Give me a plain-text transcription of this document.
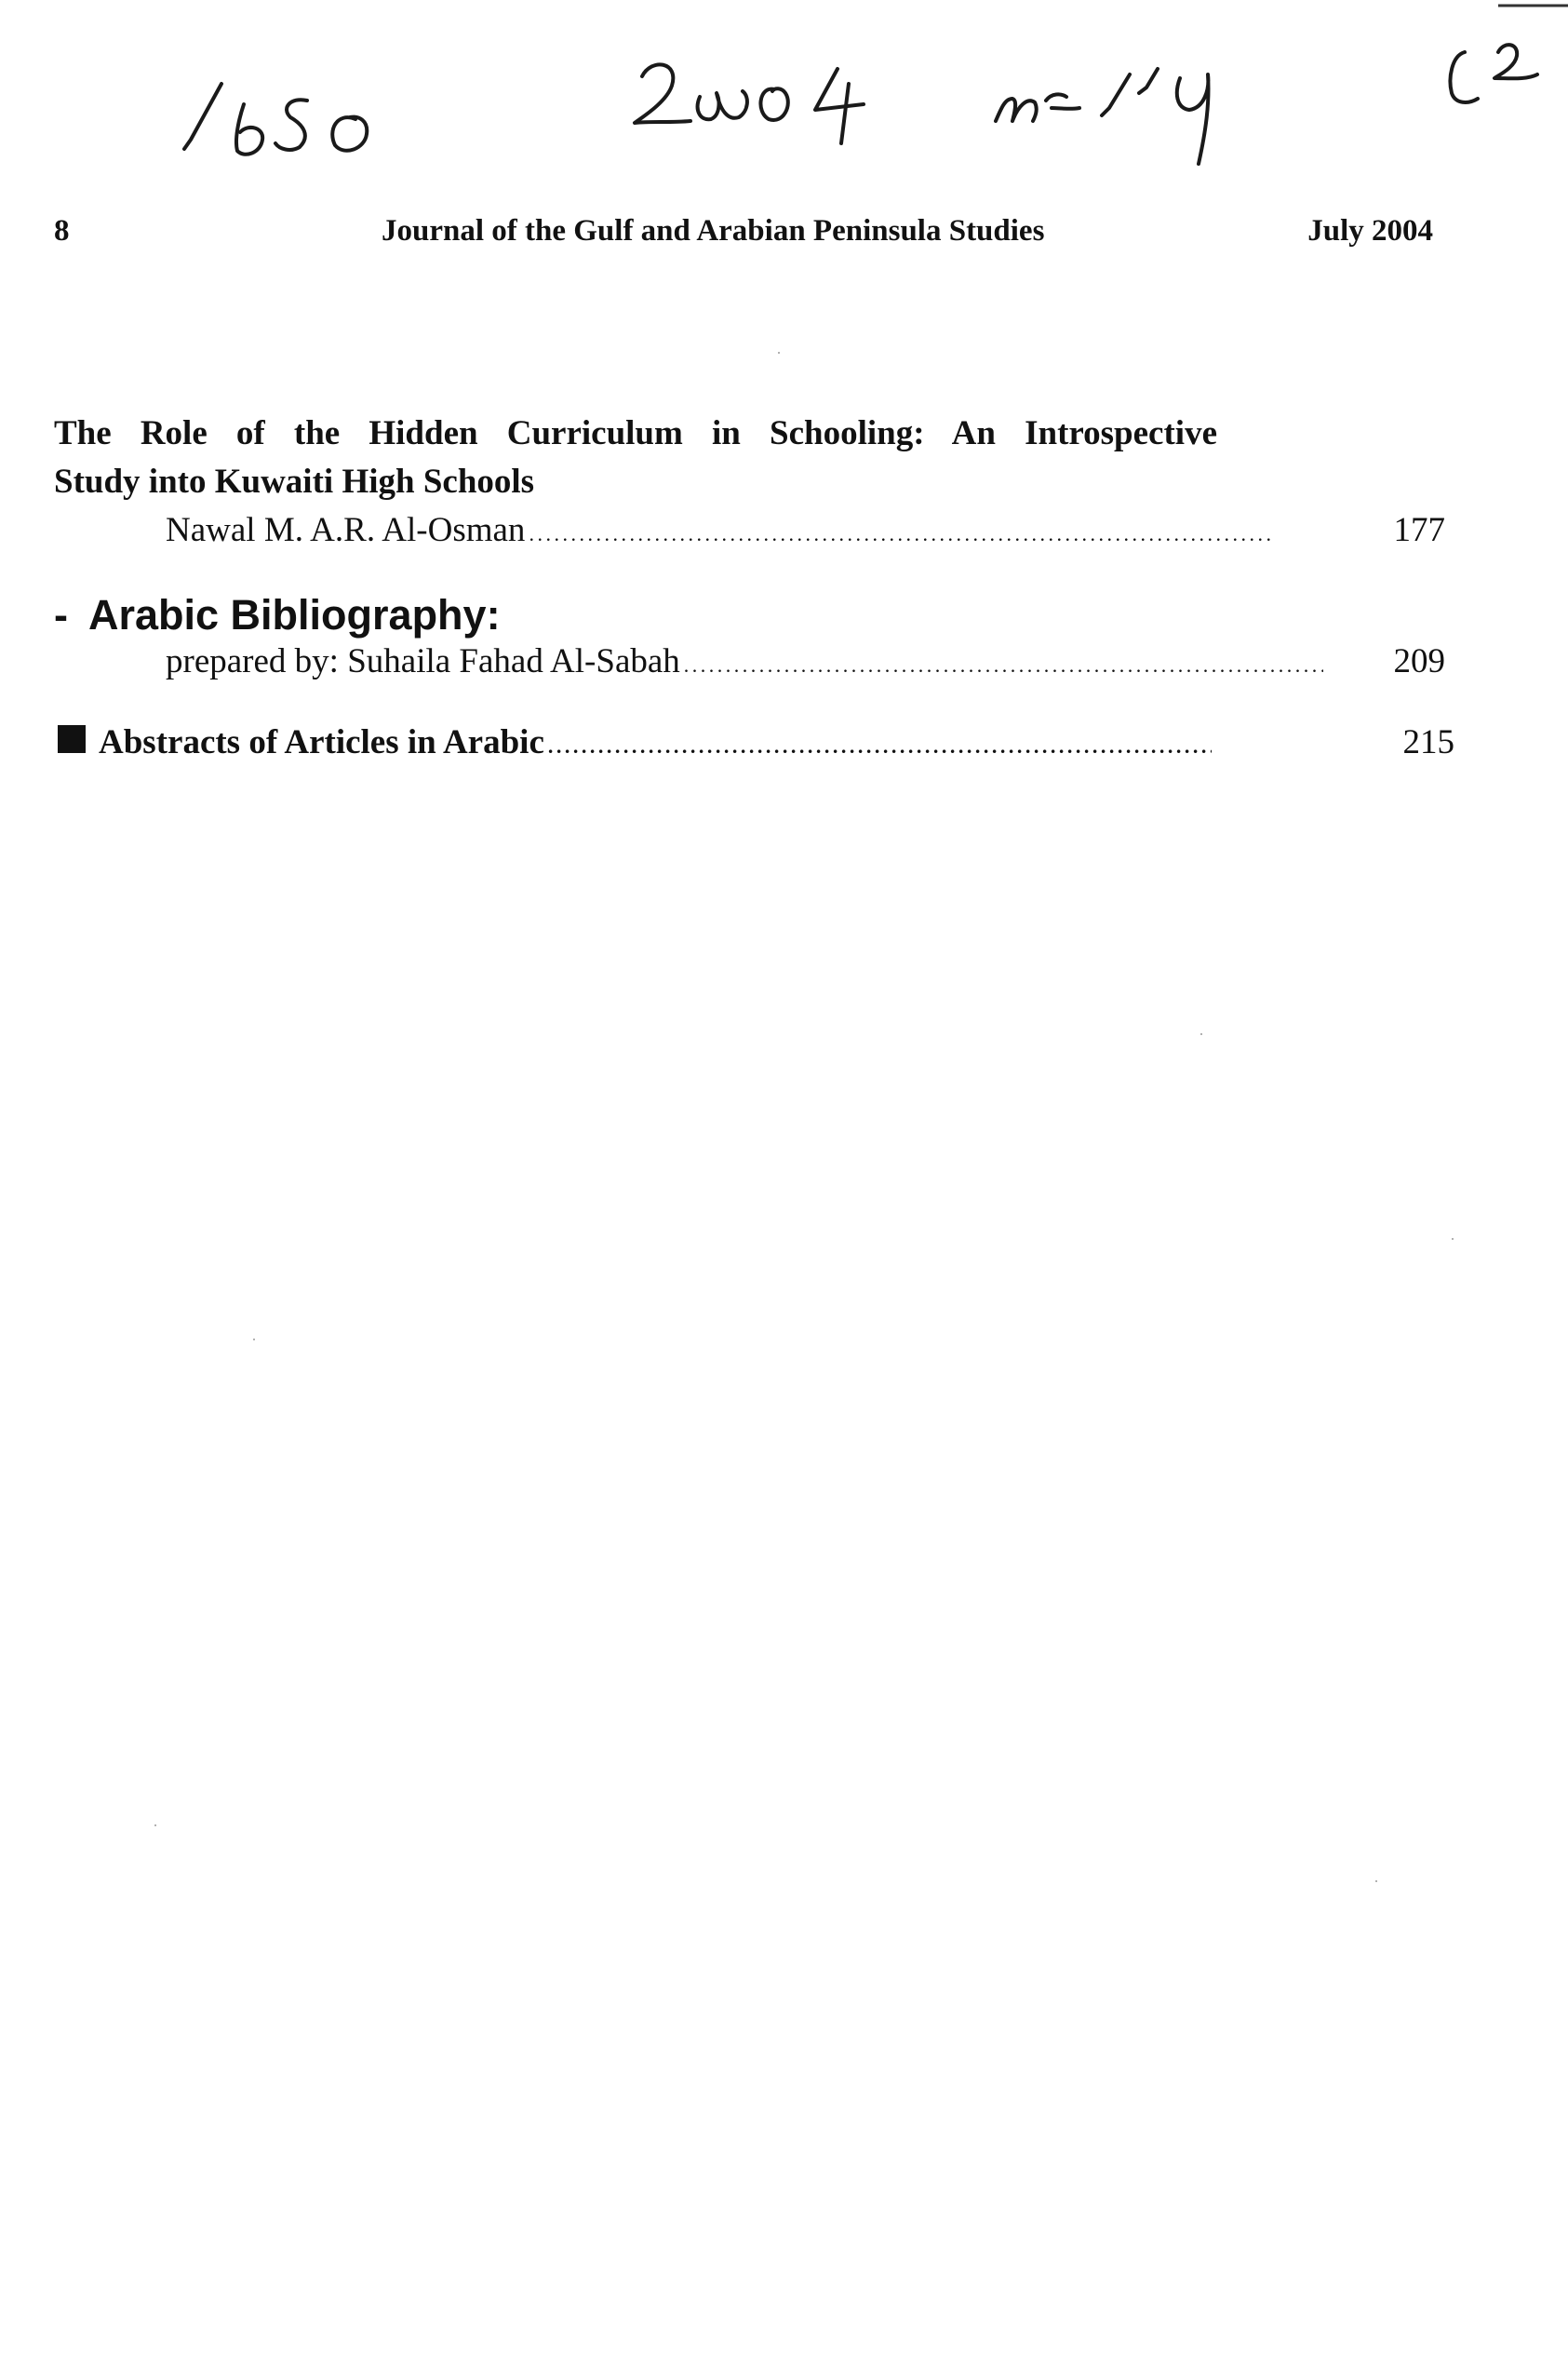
8	Journal of the Gulf and Arabian Peninsula Studies	July 2004
The Role of the Hidden Curriculum in Schooling: An Introspective
Study into Kuwaiti High Schools
Nawal M. A.R. Al-Osman . . .	177
- Arabic Bibliography:
prepared by: Suhaila Fahad Al-Sabah . . .	209
Abstracts of Articles in Arabic . . .	215
